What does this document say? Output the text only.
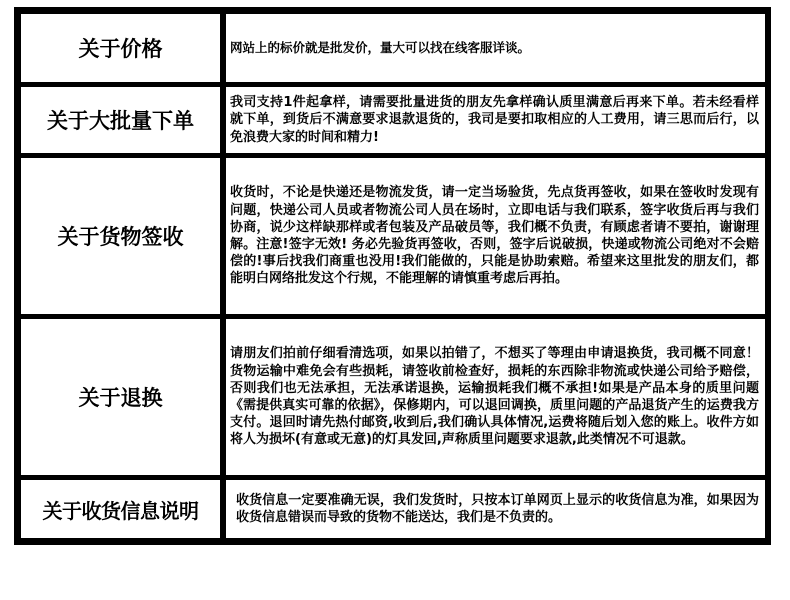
关于价格	网站上的标价就是批发价，量大可以找在线客服详谈。

关于大批量下单

我司支持1件起拿样，请需要批量进货的朋友先拿样确认质里满意后再来下单。若未经看样就下单，到货后不满意要求退款退货的，我司是要扣取相应的人工费用，请三思而后行，以免浪费大家的时间和精力!

关于货物签收

收货时，不论是快递还是物流发货，请一定当场验货，先点货再签收，如果在签收时发现有问题，快递公司人员或者物流公司人员在场时，立即电话与我们联系，签字收货后再与我们协商，说少这样缺那样或者包装及产品破员等，我们概不负责，有顾虑者请不要拍，谢谢理解。注意!签字无效! 务必先验货再签收，否则，签字后说破损，快递或物流公司绝对不会赔偿的!事后找我们商重也没用!我们能做的，只能是协助索赔。希望来这里批发的朋友们，都能明白网络批发这个行规，不能理解的请慎重考虑后再拍。

关于退换

请朋友们拍前仔细看清选项，如果以拍错了，不想买了等理由申请退换货，我司概不同意！货物运输中难免会有些损耗，请签收前检查好，损耗的东西除非物流或快递公司给予赔偿，否则我们也无法承担，无法承诺退换，运输损耗我们概不承担!如果是产品本身的质里问题《需提供真实可靠的依据》，保修期内，可以退回调换，质里问题的产品退货产生的运费我方支付。退回时请先热付邮资,收到后,我们确认具体情况,运费将随后划入您的账上。收件方如将人为损坏(有意或无意)的灯具发回,声称质里问题要求退款,此类情况不可退款。

关于收货信息说明	收货信息一定要准确无误，我们发货时，只按本订单网页上显示的收货信息为准，如果因为收货信息错误而导致的货物不能送达，我们是不负责的。
